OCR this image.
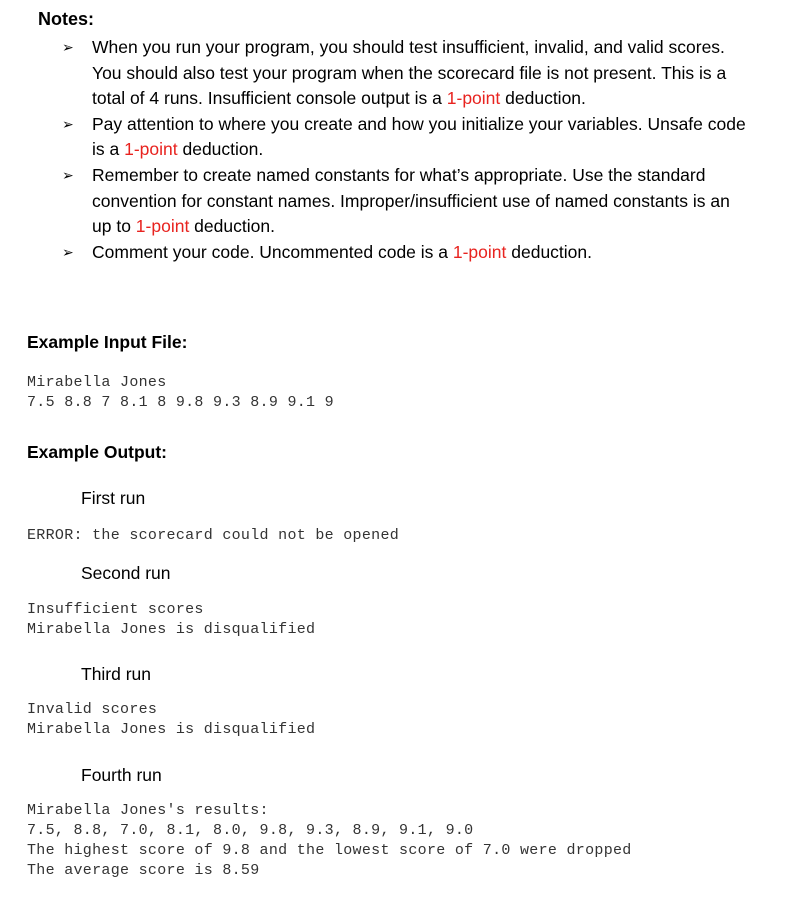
Notes:
➢ When you run your program, you should test insufficient, invalid, and valid scores. You should also test your program when the scorecard file is not present. This is a total of 4 runs. Insufficient console output is a 1-point deduction.
➢ Pay attention to where you create and how you initialize your variables. Unsafe code is a 1-point deduction.
➢ Remember to create named constants for what’s appropriate. Use the standard convention for constant names. Improper/insufficient use of named constants is an up to 1-point deduction.
➢ Comment your code. Uncommented code is a 1-point deduction.
Example Input File:
Mirabella Jones
7.5 8.8 7 8.1 8 9.8 9.3 8.9 9.1 9
Example Output:
First run
ERROR: the scorecard could not be opened
Second run
Insufficient scores
Mirabella Jones is disqualified
Third run
Invalid scores
Mirabella Jones is disqualified
Fourth run
Mirabella Jones's results:
7.5, 8.8, 7.0, 8.1, 8.0, 9.8, 9.3, 8.9, 9.1, 9.0
The highest score of 9.8 and the lowest score of 7.0 were dropped
The average score is 8.59
